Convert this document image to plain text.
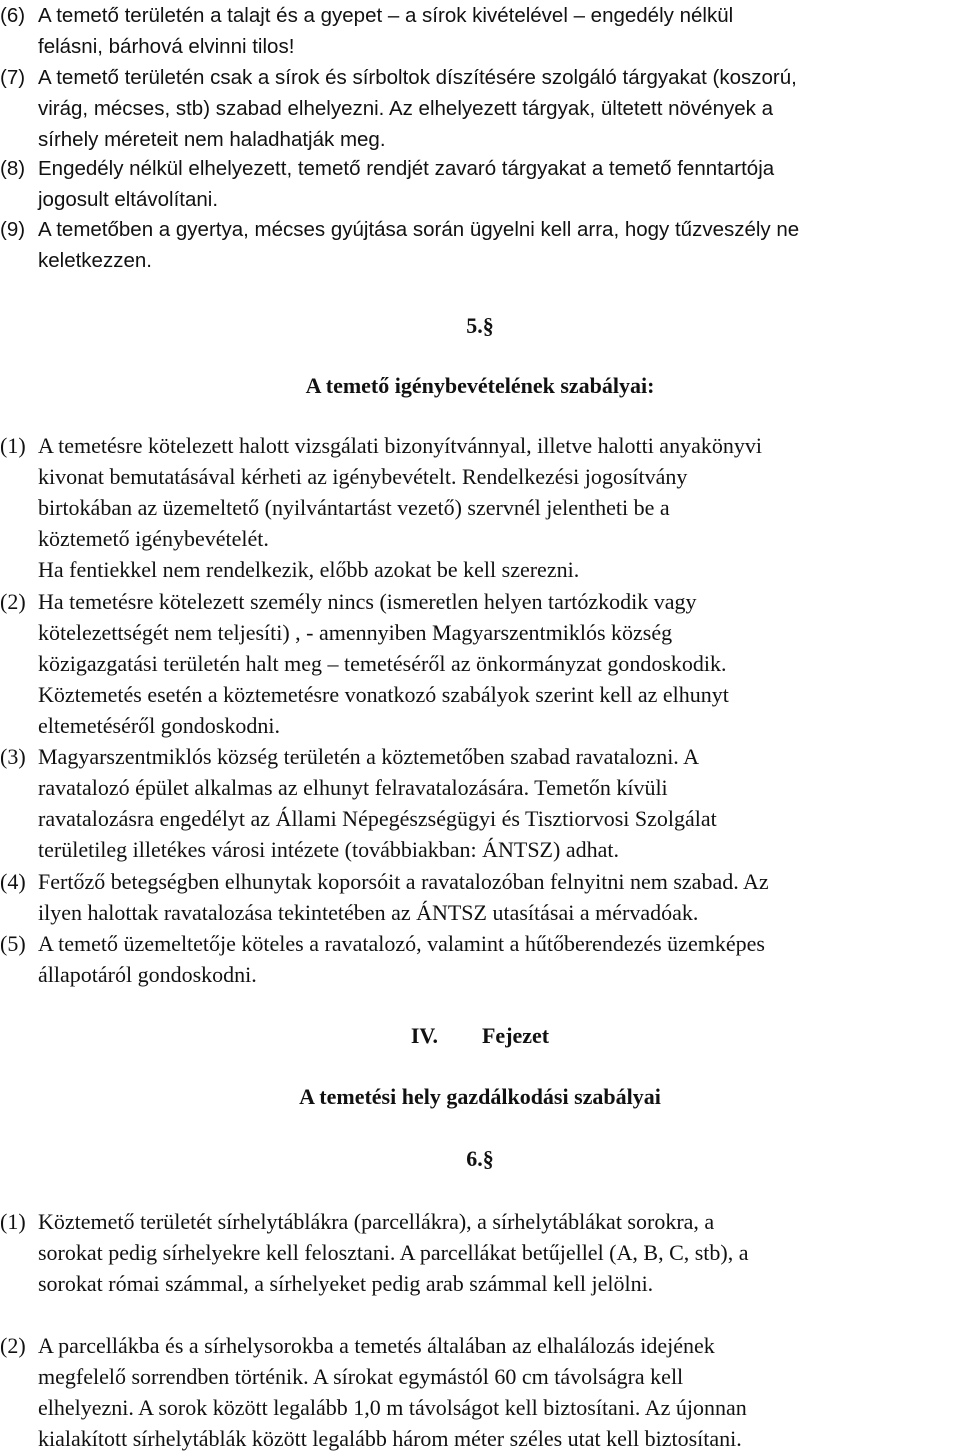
(6) A temető területén a talajt és a gyepet – a sírok kivételével – engedély nélkül
felásni, bárhová elvinni tilos!
(7) A temető területén csak a sírok és sírboltok díszítésére szolgáló tárgyakat (koszorú,
virág, mécses, stb) szabad elhelyezni. Az elhelyezett tárgyak, ültetett növények a
sírhely méreteit nem haladhatják meg.
(8) Engedély nélkül elhelyezett, temető rendjét zavaró tárgyakat a temető fenntartója
jogosult eltávolítani.
(9) A temetőben a gyertya, mécses gyújtása során ügyelni kell arra, hogy tűzveszély ne
keletkezzen.
5.§
A temető igénybevételének szabályai:
(1) A temetésre kötelezett halott vizsgálati bizonyítvánnyal, illetve halotti anyakönyvi
kivonat bemutatásával kérheti az igénybevételt. Rendelkezési jogosítvány
birtokában az üzemeltető (nyilvántartást vezető) szervnél jelentheti be a
köztemető igénybevételét.
Ha fentiekkel nem rendelkezik, előbb azokat be kell szerezni.
(2) Ha temetésre kötelezett személy nincs (ismeretlen helyen tartózkodik vagy
kötelezettségét nem teljesíti) , - amennyiben Magyarszentmiklós község
közigazgatási területén halt meg – temetéséről az önkormányzat gondoskodik.
Köztemetés esetén a köztemetésre vonatkozó szabályok szerint kell az elhunyt
eltemetéséről gondoskodni.
(3) Magyarszentmiklós község területén a köztemetőben szabad ravatalozni. A
ravatalozó épület alkalmas az elhunyt felravatalozására. Temetőn kívüli
ravatalozásra engedélyt az Állami Népegészségügyi és Tisztiorvosi Szolgálat
területileg illetékes városi intézete (továbbiakban: ÁNTSZ) adhat.
(4) Fertőző betegségben elhunytak koporsóit a ravatalozóban felnyitni nem szabad. Az
ilyen halottak ravatalozása tekintetében az ÁNTSZ utasításai a mérvadóak.
(5) A temető üzemeltetője köteles a ravatalozó, valamint a hűtőberendezés üzemképes
állapotáról gondoskodni.
IV. Fejezet
A temetési hely gazdálkodási szabályai
6.§
(1) Köztemető területét sírhelytáblákra (parcellákra), a sírhelytáblákat sorokra, a
sorokat pedig sírhelyekre kell felosztani. A parcellákat betűjellel (A, B, C, stb), a
sorokat római számmal, a sírhelyeket pedig arab számmal kell jelölni.
(2) A parcellákba és a sírhelysorokba a temetés általában az elhalálozás idejének
megfelelő sorrendben történik. A sírokat egymástól 60 cm távolságra kell
elhelyezni. A sorok között legalább 1,0 m távolságot kell biztosítani. Az újonnan
kialakított sírhelytáblák között legalább három méter széles utat kell biztosítani.
